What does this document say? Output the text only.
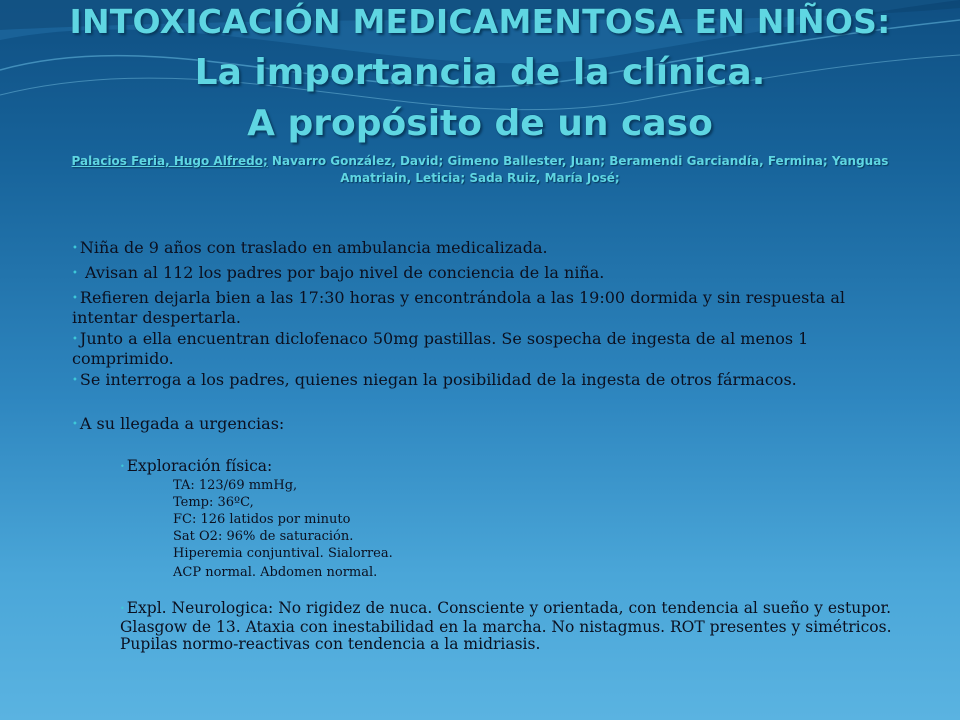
INTOXICACIÓN MEDICAMENTOSA EN NIÑOS:
La importancia de la clínica.
A propósito de un caso
Palacios Feria, Hugo Alfredo; Navarro González, David; Gimeno Ballester, Juan; Beramendi Garciandía, Fermina; Yanguas Amatriain, Leticia; Sada Ruiz, María José;
• Niña de 9 años con traslado en ambulancia medicalizada.
• Avisan al 112 los padres por bajo nivel de conciencia de la niña.
• Refieren dejarla bien a las 17:30 horas y encontrándola a las 19:00 dormida y sin respuesta al intentar despertarla.
• Junto a ella encuentran diclofenaco 50mg pastillas. Se sospecha de ingesta de al menos 1 comprimido.
• Se interroga a los padres, quienes niegan la posibilidad de la ingesta de otros fármacos.
• A su llegada a urgencias:
• Exploración física:
TA: 123/69 mmHg,
Temp: 36ºC,
FC: 126 latidos por minuto
Sat O2: 96% de saturación.
Hiperemia conjuntival. Sialorrea.
ACP normal. Abdomen normal.
• Expl. Neurologica: No rigidez de nuca. Consciente y orientada, con tendencia al sueño y estupor. Glasgow de 13. Ataxia con inestabilidad en la marcha. No nistagmus. ROT presentes y simétricos. Pupilas normo-reactivas con tendencia a la midriasis.
